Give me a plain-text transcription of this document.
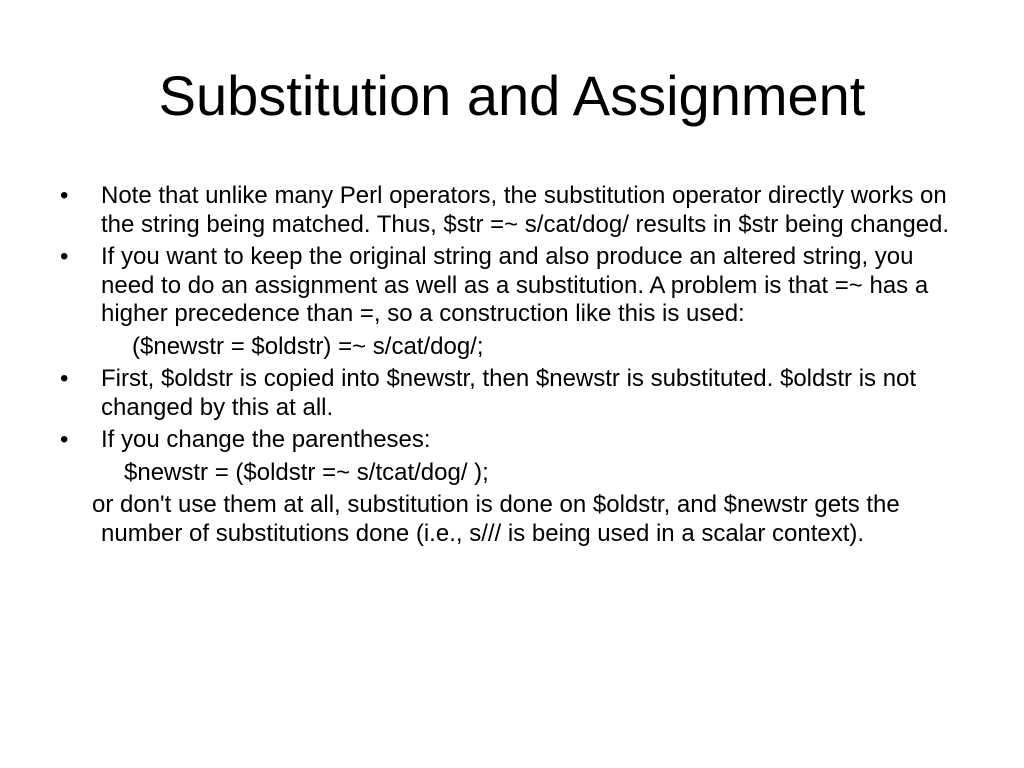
Substitution and Assignment
• Note that unlike many Perl operators, the substitution operator directly works on the string being matched. Thus, $str =~ s/cat/dog/ results in $str being changed.
• If you want to keep the original string and also produce an altered string, you need to do an assignment as well as a substitution. A problem is that =~ has a higher precedence than =, so a construction like this is used:
($newstr = $oldstr) =~ s/cat/dog/;
• First, $oldstr is copied into $newstr, then $newstr is substituted. $oldstr is not changed by this at all.
• If you change the parentheses:
$newstr = ($oldstr =~ s/tcat/dog/ );
or don't use them at all, substitution is done on $oldstr, and $newstr gets the number of substitutions done (i.e., s/// is being used in a scalar context).
